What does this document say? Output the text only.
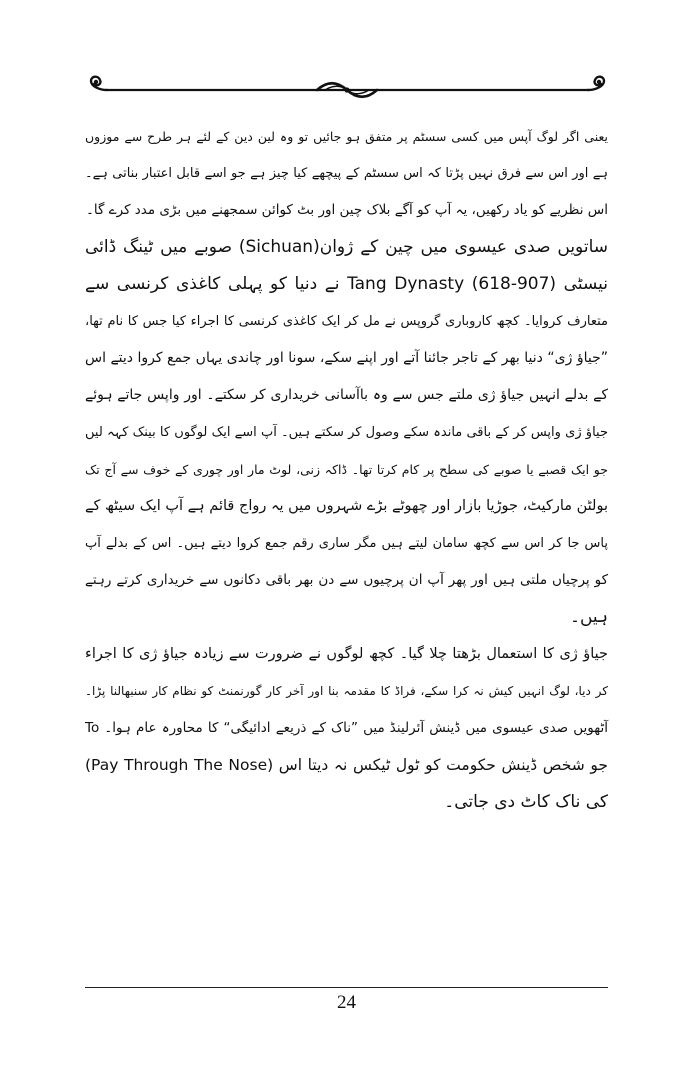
یعنی اگر لوگ آپس میں کسی سسٹم پر متفق ہو جائیں تو وہ لین دین کے لئے ہر طرح سے موزوں
ہے اور اس سے فرق نہیں پڑتا کہ اس سسٹم کے پیچھے کیا چیز ہے جو اسے قابل اعتبار بناتی ہے۔
اس نظریے کو یاد رکھیں، یہ آپ کو آگے بلاک چین اور بٹ کوائن سمجھنے میں بڑی مدد کرے گا۔
ساتویں صدی عیسوی میں چین کے ژوان(Sichuan) صوبے میں ٹینگ ڈائی
نیسٹی (Tang Dynasty (618-907 نے دنیا کو پہلی کاغذی کرنسی سے
متعارف کروایا۔ کچھ کاروباری گروپس نے مل کر ایک کاغذی کرنسی کا اجراء کیا جس کا نام تھا،
”جیاؤ ژی“ دنیا بھر کے تاجر جائنا آتے اور اپنے سکے، سونا اور چاندی یہاں جمع کروا دیتے اس
کے بدلے انہیں جیاؤ ژی ملتے جس سے وہ باآسانی خریداری کر سکتے۔ اور واپس جاتے ہوئے
جیاؤ ژی واپس کر کے باقی ماندہ سکے وصول کر سکتے ہیں۔ آپ اسے ایک لوگوں کا بینک کہہ لیں
جو ایک قصبے یا صوبے کی سطح پر کام کرتا تھا۔ ڈاکہ زنی، لوٹ مار اور چوری کے خوف سے آج تک
بولٹن مارکیٹ، جوڑیا بازار اور چھوٹے بڑے شہروں میں یہ رواج قائم ہے آپ ایک سیٹھ کے
پاس جا کر اس سے کچھ سامان لیتے ہیں مگر ساری رقم جمع کروا دیتے ہیں۔ اس کے بدلے آپ
کو پرچیاں ملتی ہیں اور پھر آپ ان پرچیوں سے دن بھر باقی دکانوں سے خریداری کرتے رہتے
ہیں۔
جیاؤ ژی کا استعمال بڑھتا چلا گیا۔ کچھ لوگوں نے ضرورت سے زیادہ جیاؤ ژی کا اجراء
کر دیا، لوگ انہیں کیش نہ کرا سکے، فراڈ کا مقدمہ بنا اور آخر کار گورنمنٹ کو نظام کار سنبھالنا پڑا۔
آٹھویں صدی عیسوی میں ڈینش آئرلینڈ میں ”ناک کے ذریعے ادائیگی“ کا محاورہ عام ہوا۔ To
(Pay Through The Nose) جو شخص ڈینش حکومت کو ٹول ٹیکس نہ دیتا اس
کی ناک کاٹ دی جاتی۔
24
